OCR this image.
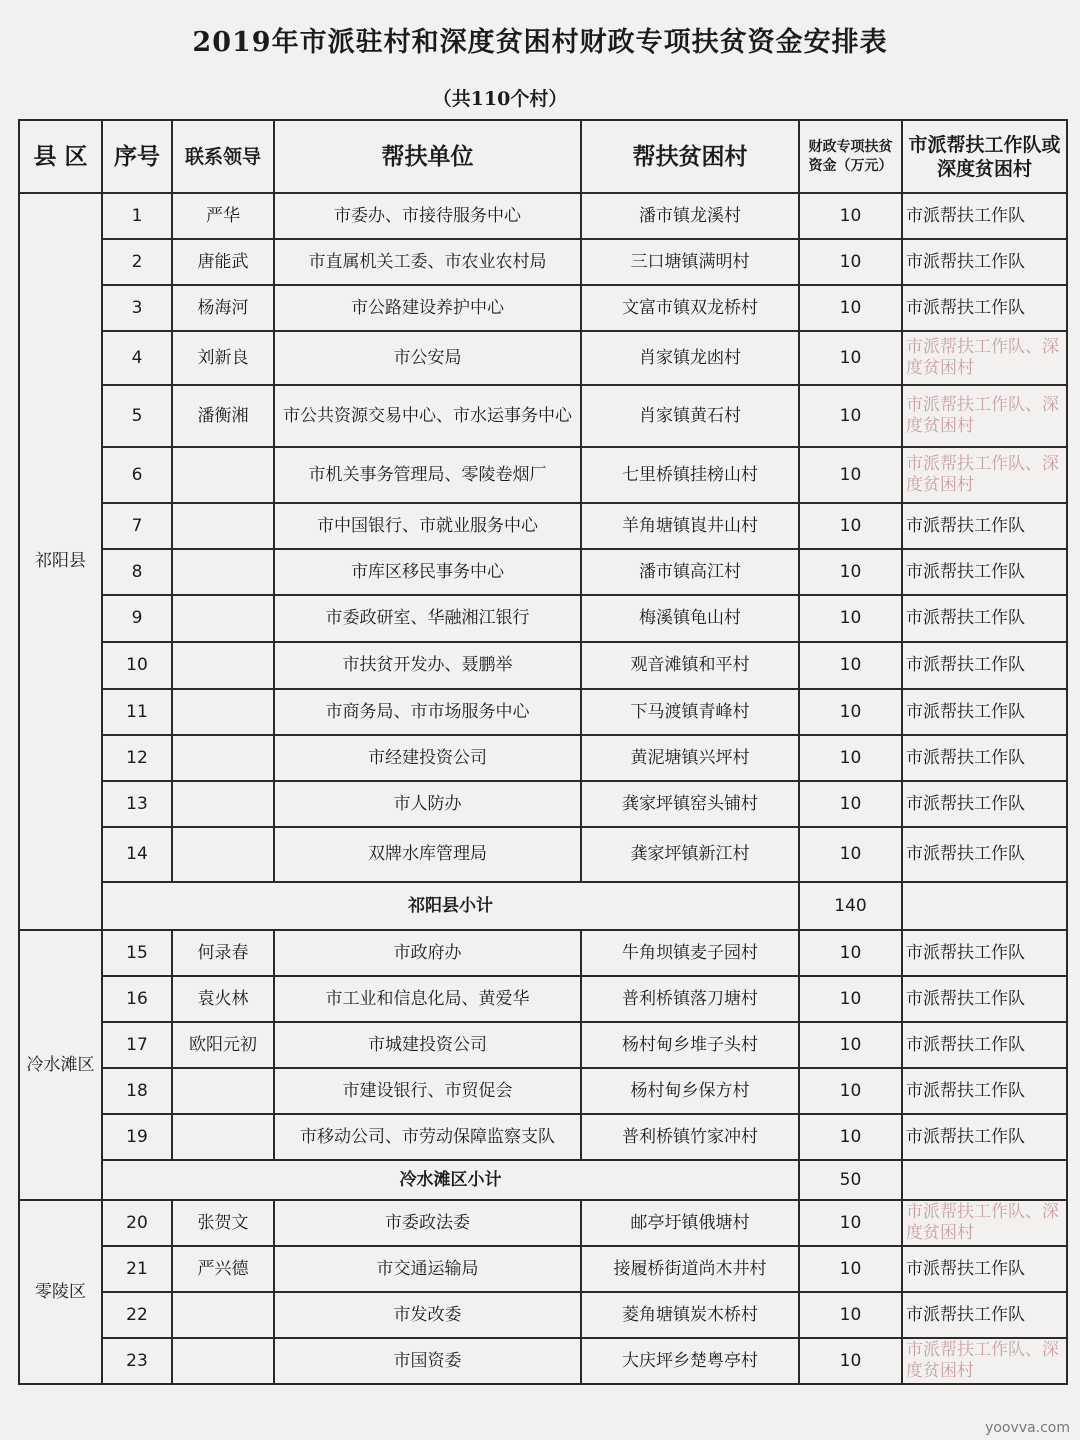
2019年市派驻村和深度贫困村财政专项扶贫资金安排表
（共110个村）
县 区	序号	联系领导	帮扶单位	帮扶贫困村	财政专项扶贫资金（万元）	市派帮扶工作队或深度贫困村
祁阳县	1	严华	市委办、市接待服务中心	潘市镇龙溪村	10	市派帮扶工作队
	2	唐能武	市直属机关工委、市农业农村局	三口塘镇满明村	10	市派帮扶工作队
	3	杨海河	市公路建设养护中心	文富市镇双龙桥村	10	市派帮扶工作队
	4	刘新良	市公安局	肖家镇龙凼村	10	市派帮扶工作队、深度贫困村
	5	潘衡湘	市公共资源交易中心、市水运事务中心	肖家镇黄石村	10	市派帮扶工作队、深度贫困村
	6		市机关事务管理局、零陵卷烟厂	七里桥镇挂榜山村	10	市派帮扶工作队、深度贫困村
	7		市中国银行、市就业服务中心	羊角塘镇崀井山村	10	市派帮扶工作队
	8		市库区移民事务中心	潘市镇高江村	10	市派帮扶工作队
	9		市委政研室、华融湘江银行	梅溪镇龟山村	10	市派帮扶工作队
	10		市扶贫开发办、聂鹏举	观音滩镇和平村	10	市派帮扶工作队
	11		市商务局、市市场服务中心	下马渡镇青峰村	10	市派帮扶工作队
	12		市经建投资公司	黄泥塘镇兴坪村	10	市派帮扶工作队
	13		市人防办	龚家坪镇窑头铺村	10	市派帮扶工作队
	14		双牌水库管理局	龚家坪镇新江村	10	市派帮扶工作队
	祁阳县小计				140	
冷水滩区	15	何录春	市政府办	牛角坝镇麦子园村	10	市派帮扶工作队
	16	袁火林	市工业和信息化局、黄爱华	普利桥镇落刀塘村	10	市派帮扶工作队
	17	欧阳元初	市城建投资公司	杨村甸乡堆子头村	10	市派帮扶工作队
	18		市建设银行、市贸促会	杨村甸乡保方村	10	市派帮扶工作队
	19		市移动公司、市劳动保障监察支队	普利桥镇竹家冲村	10	市派帮扶工作队
	冷水滩区小计				50	
零陵区	20	张贺文	市委政法委	邮亭圩镇俄塘村	10	市派帮扶工作队、深度贫困村
	21	严兴德	市交通运输局	接履桥街道尚木井村	10	市派帮扶工作队
	22		市发改委	菱角塘镇炭木桥村	10	市派帮扶工作队
	23		市国资委	大庆坪乡楚粤亭村	10	市派帮扶工作队、深度贫困村
yoovva.com
